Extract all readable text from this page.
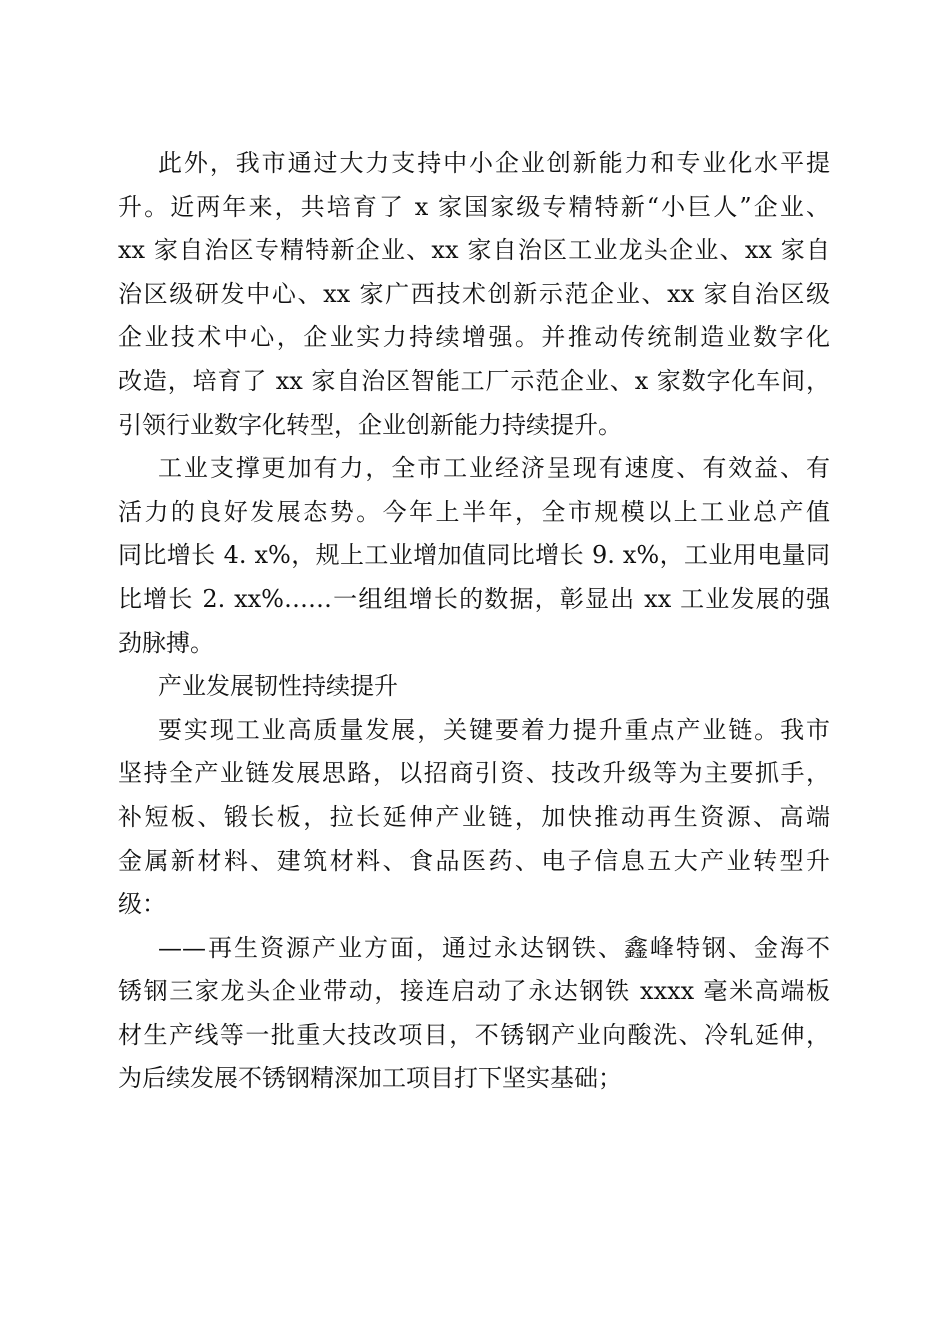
此外，我市通过大力支持中小企业创新能力和专业化水平提
升。近两年来，共培育了 x 家国家级专精特新“小巨人”企业、
xx 家自治区专精特新企业、xx 家自治区工业龙头企业、xx 家自
治区级研发中心、xx 家广西技术创新示范企业、xx 家自治区级
企业技术中心，企业实力持续增强。并推动传统制造业数字化
改造，培育了 xx 家自治区智能工厂示范企业、x 家数字化车间，
引领行业数字化转型，企业创新能力持续提升。
工业支撑更加有力，全市工业经济呈现有速度、有效益、有
活力的良好发展态势。今年上半年，全市规模以上工业总产值
同比增长 4. x%，规上工业增加值同比增长 9. x%，工业用电量同
比增长 2. xx%……一组组增长的数据，彰显出 xx 工业发展的强
劲脉搏。
产业发展韧性持续提升
要实现工业高质量发展，关键要着力提升重点产业链。我市
坚持全产业链发展思路，以招商引资、技改升级等为主要抓手，
补短板、锻长板，拉长延伸产业链，加快推动再生资源、高端
金属新材料、建筑材料、食品医药、电子信息五大产业转型升
级：
——再生资源产业方面，通过永达钢铁、鑫峰特钢、金海不
锈钢三家龙头企业带动，接连启动了永达钢铁 xxxx 毫米高端板
材生产线等一批重大技改项目，不锈钢产业向酸洗、冷轧延伸，
为后续发展不锈钢精深加工项目打下坚实基础；
